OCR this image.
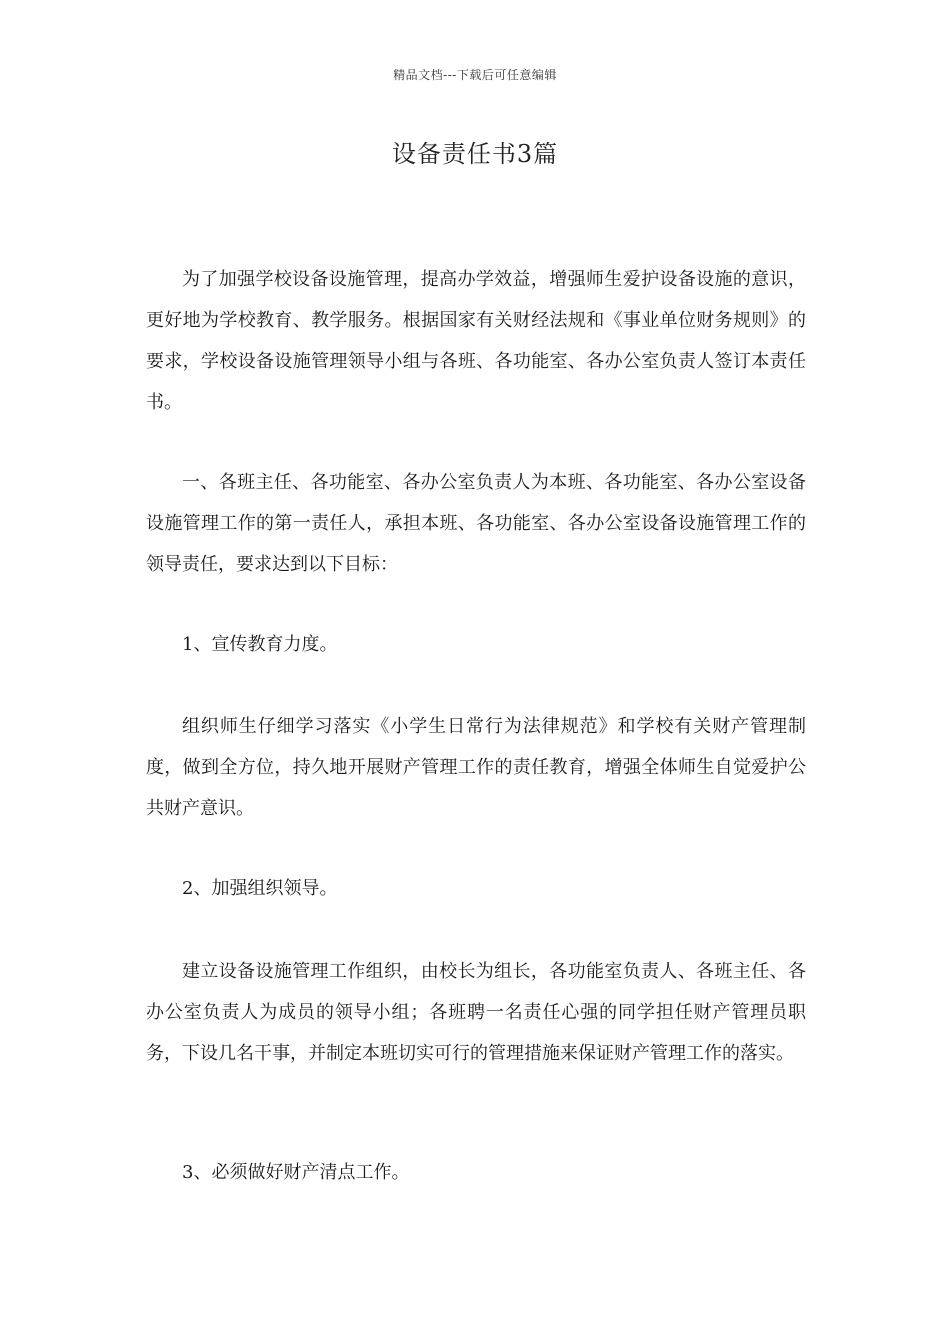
精品文档---下载后可任意编辑
设备责任书3篇

为了加强学校设备设施管理，提高办学效益，增强师生爱护设备设施的意识，更好地为学校教育、教学服务。根据国家有关财经法规和《事业单位财务规则》的要求，学校设备设施管理领导小组与各班、各功能室、各办公室负责人签订本责任书。

一、各班主任、各功能室、各办公室负责人为本班、各功能室、各办公室设备设施管理工作的第一责任人，承担本班、各功能室、各办公室设备设施管理工作的领导责任，要求达到以下目标：

1、宣传教育力度。

组织师生仔细学习落实《小学生日常行为法律规范》和学校有关财产管理制度，做到全方位，持久地开展财产管理工作的责任教育，增强全体师生自觉爱护公共财产意识。

2、加强组织领导。

建立设备设施管理工作组织，由校长为组长，各功能室负责人、各班主任、各办公室负责人为成员的领导小组；各班聘一名责任心强的同学担任财产管理员职务，下设几名干事，并制定本班切实可行的管理措施来保证财产管理工作的落实。

3、必须做好财产清点工作。
